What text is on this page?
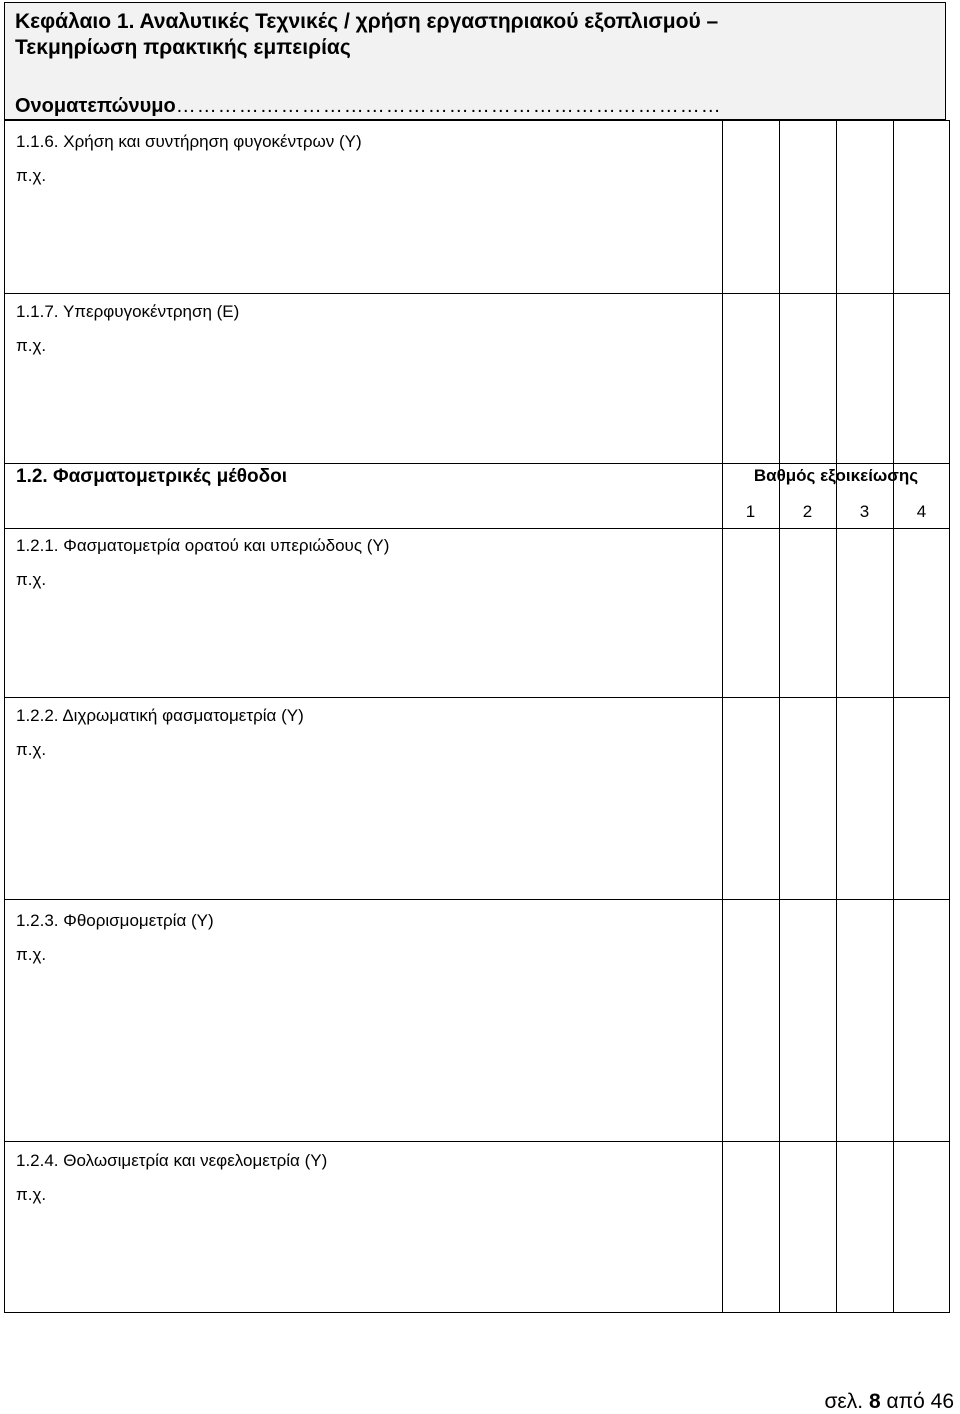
Κεφάλαιο 1. Αναλυτικές Τεχνικές / χρήση εργαστηριακού εξοπλισμού –
Τεκμηρίωση πρακτικής εμπειρίας
Ονοματεπώνυμο……………………………………………………………………
1.1.6. Χρήση και συντήρηση φυγοκέντρων (Υ)
π.χ.
1.1.7. Υπερφυγοκέντρηση (Ε)
π.χ.
1.2. Φασματομετρικές μέθοδοι	Βαθμός εξοικείωσης
1	2	3	4
1.2.1. Φασματομετρία ορατού και υπεριώδους (Υ)
π.χ.
1.2.2. Διχρωματική φασματομετρία (Υ)
π.χ.
1.2.3. Φθορισμομετρία (Υ)
π.χ.
1.2.4. Θολωσιμετρία και νεφελομετρία (Υ)
π.χ.
σελ. 8 από 46
